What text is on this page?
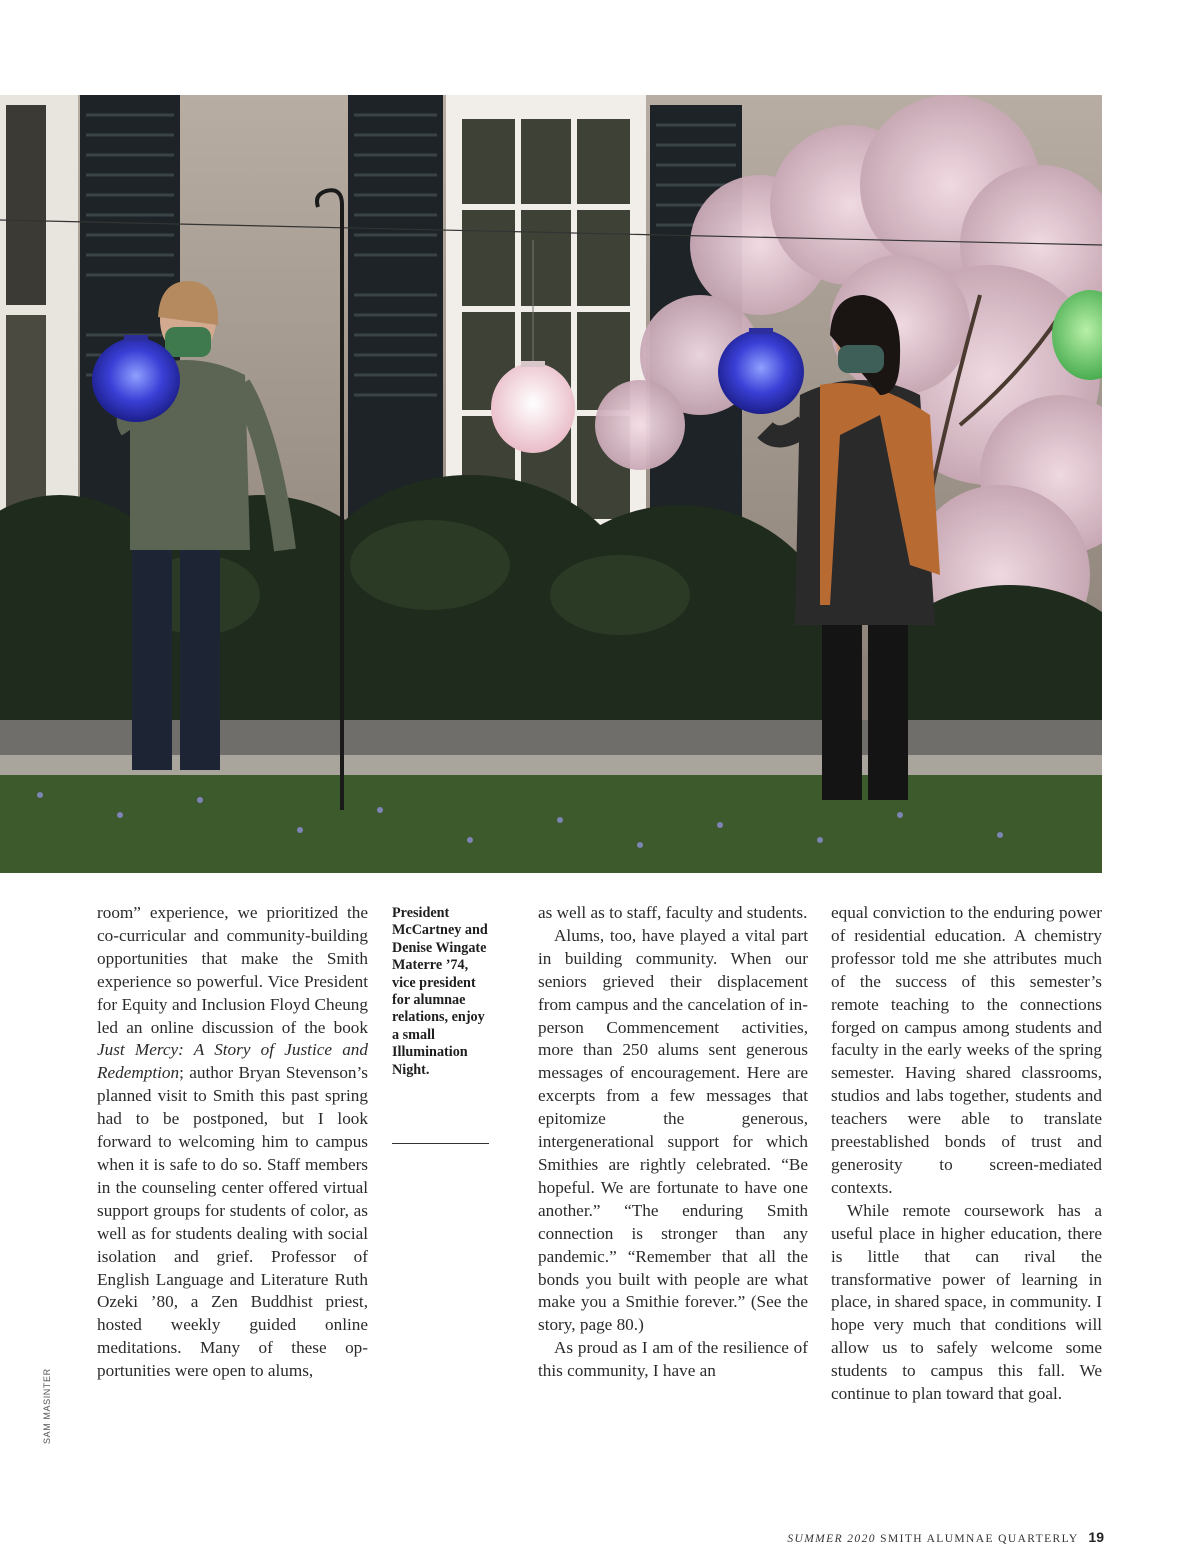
room” experience, we prioritized the co-curricular and community-building opportunities that make the Smith experience so powerful. Vice President for Equity and Inclusion Floyd Cheung led an online discussion of the book Just Mercy: A Story of Justice and Redemption; author Bryan Stevenson’s planned visit to Smith this past spring had to be postponed, but I look forward to welcoming him to campus when it is safe to do so. Staff members in the counseling center offered virtual support groups for students of color, as well as for students dealing with social isolation and grief. Professor of English Language and Literature Ruth Ozeki ’80, a Zen Buddhist priest, hosted weekly guided online meditations. Many of these opportunities were open to alums,

President McCartney and Denise Wingate Materre ’74, vice president for alumnae relations, enjoy a small Illumination Night.

as well as to staff, faculty and students.

Alums, too, have played a vital part in building community. When our seniors grieved their displacement from campus and the cancelation of in-person Commencement activities, more than 250 alums sent generous messages of encouragement. Here are excerpts from a few messages that epitomize the generous, intergenerational support for which Smithies are rightly celebrated. “Be hopeful. We are fortunate to have one another.” “The enduring Smith connection is stronger than any pandemic.” “Remember that all the bonds you built with people are what make you a Smithie forever.” (See the story, page 80.)

As proud as I am of the resilience of this community, I have an

equal conviction to the enduring power of residential education. A chemistry professor told me she attributes much of the success of this semester’s remote teaching to the connections forged on campus among students and faculty in the early weeks of the spring semester. Having shared classrooms, studios and labs together, students and teachers were able to translate preestablished bonds of trust and generosity to screen-mediated contexts.

While remote coursework has a useful place in higher education, there is little that can rival the transformative power of learning in place, in shared space, in community. I hope very much that conditions will allow us to safely welcome some students to campus this fall. We continue to plan toward that goal.

SAM MASINTER
SUMMER 2020 SMITH ALUMNAE QUARTERLY 19
